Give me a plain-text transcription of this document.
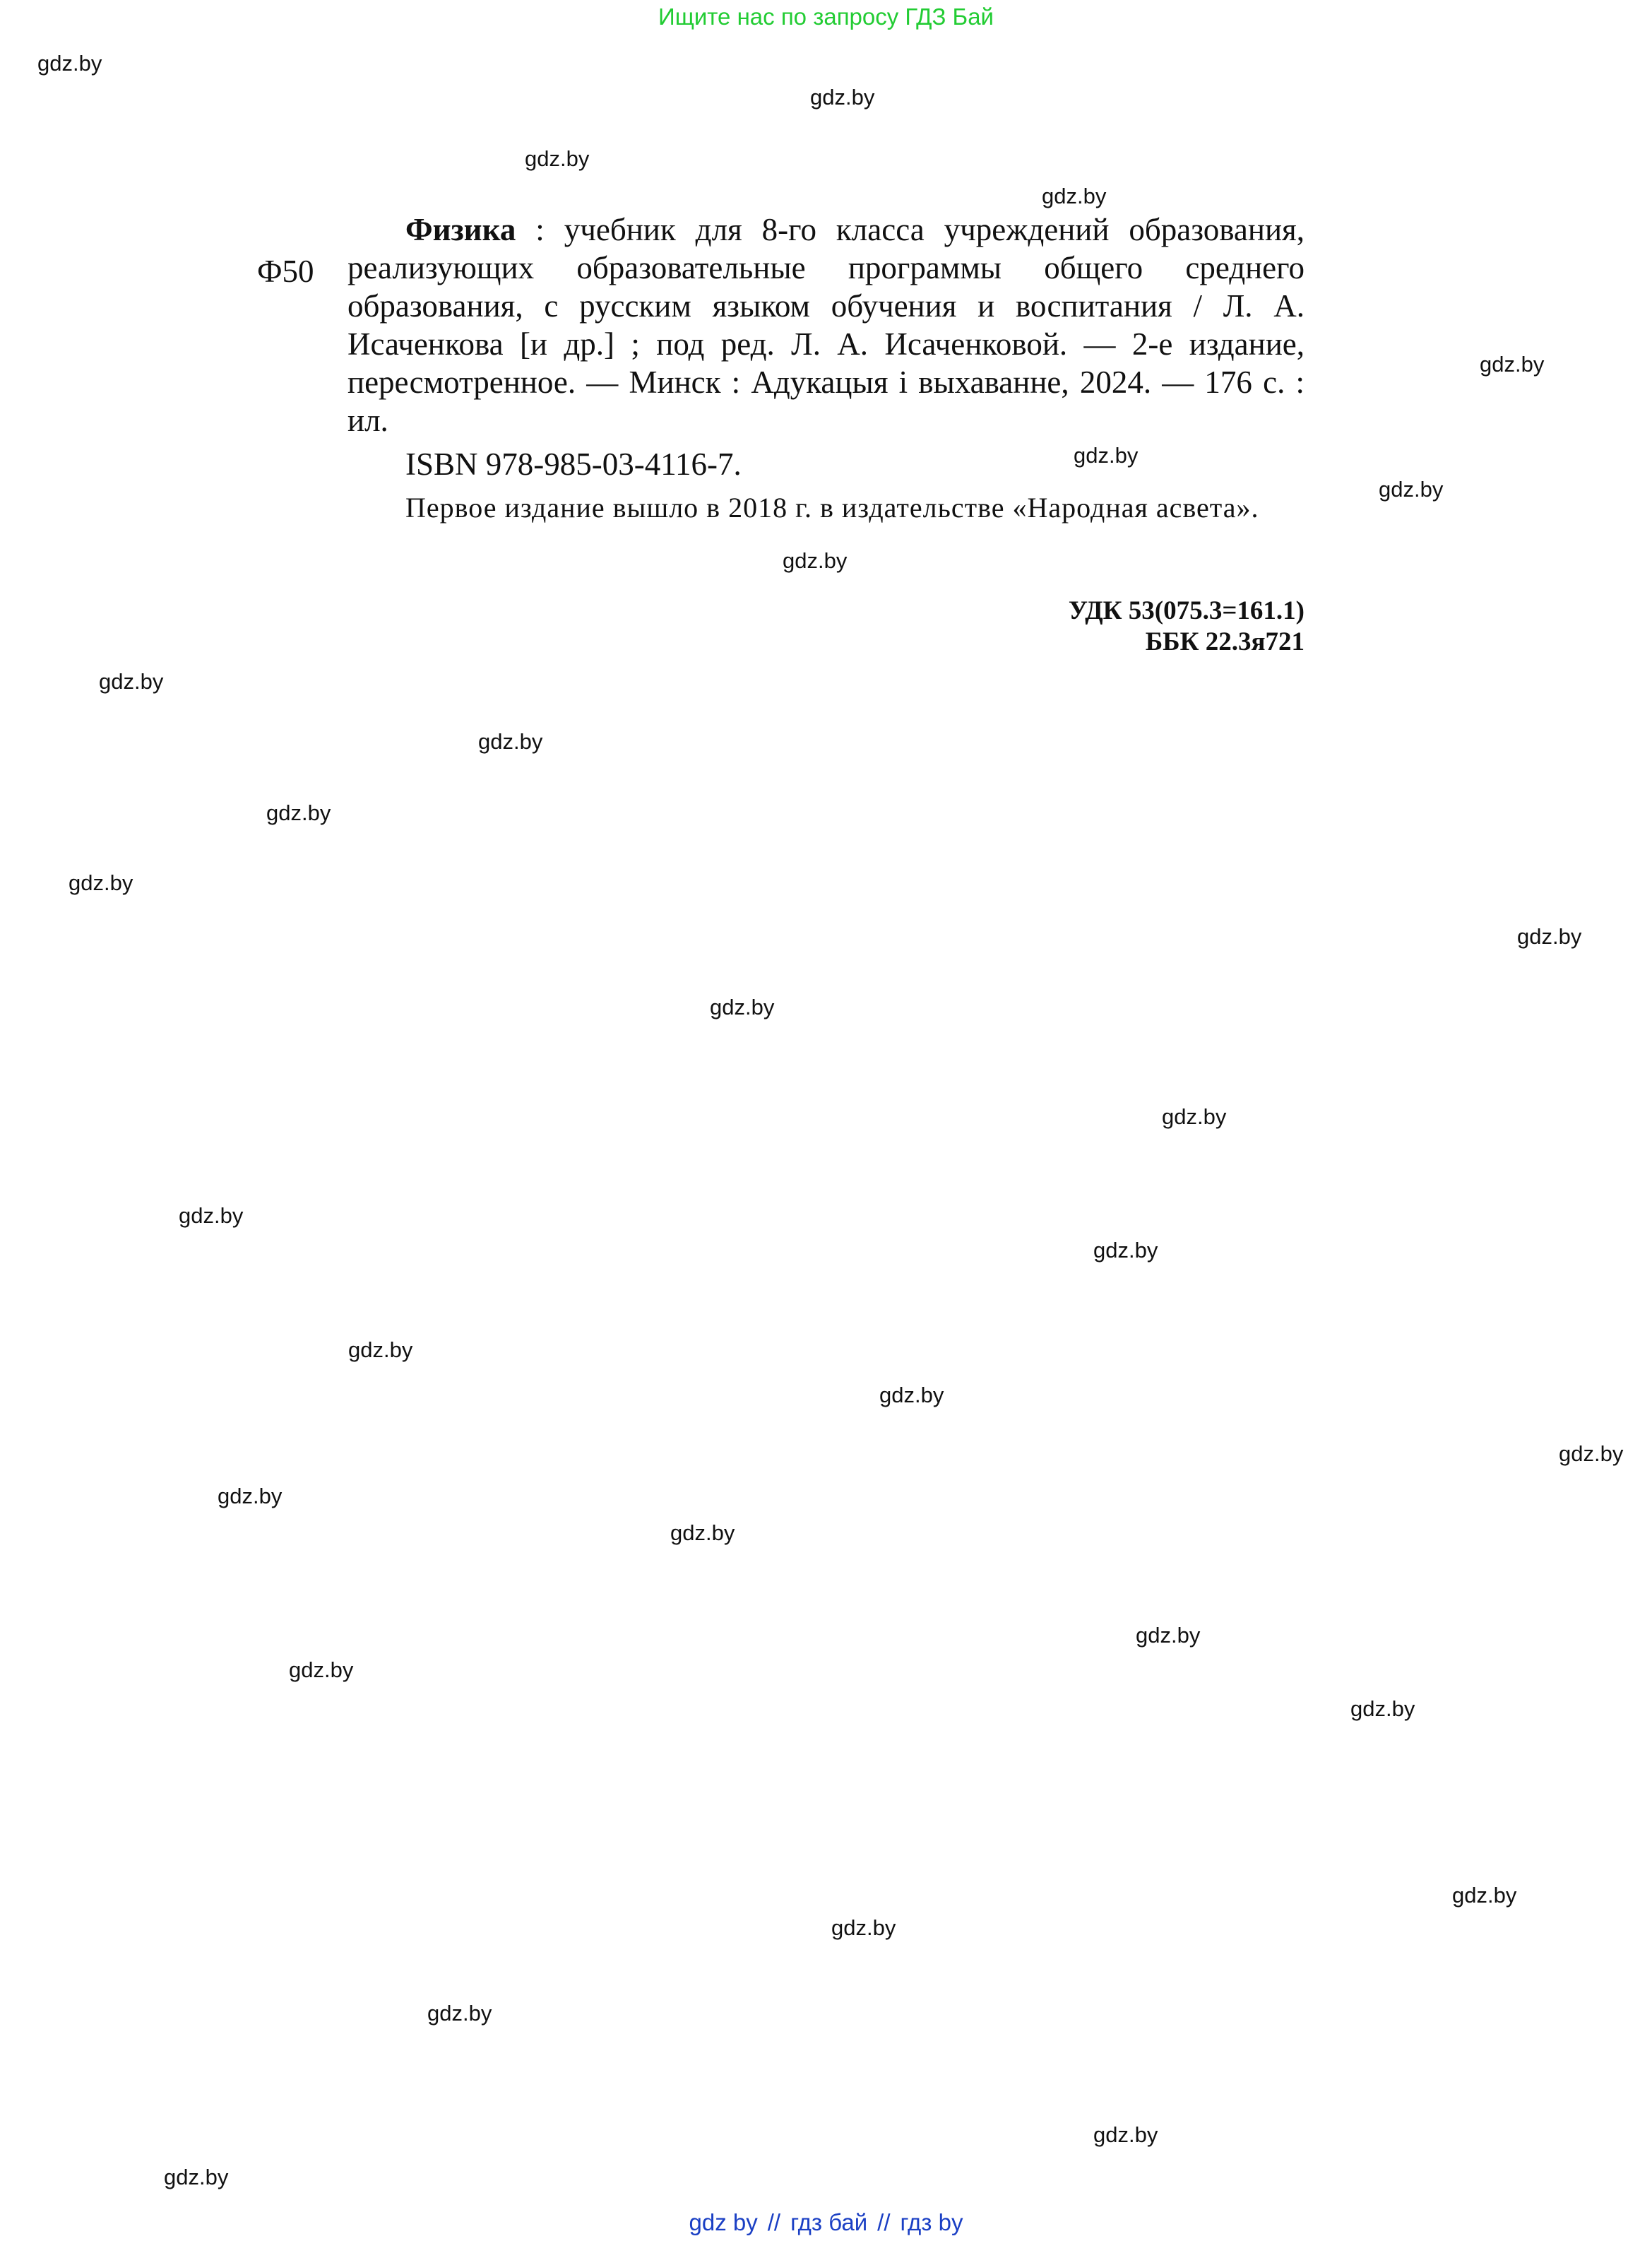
Ищите нас по запросу ГДЗ Бай
gdz.by
gdz.by
gdz.by
gdz.by
gdz.by
gdz.by
gdz.by
gdz.by
gdz.by
gdz.by
gdz.by
gdz.by
gdz.by
gdz.by
gdz.by
gdz.by
gdz.by
gdz.by
gdz.by
gdz.by
gdz.by
gdz.by
gdz.by
gdz.by
gdz.by
gdz.by
gdz.by
gdz.by
gdz.by
gdz.by
Ф50

Физика : учебник для 8-го класса учреждений образования, реализующих образовательные программы общего среднего образования, с русским языком обучения и воспитания / Л. А. Исаченкова [и др.] ; под ред. Л. А. Исаченковой. — 2-е издание, пересмотренное. — Минск : Адукацыя і выхаванне, 2024. — 176 с. : ил.

ISBN 978-985-03-4116-7.

Первое издание вышло в 2018 г. в издательстве «Народная асвета».

УДК 53(075.3=161.1)
ББК 22.3я721
gdz by // гдз бай // гдз by
